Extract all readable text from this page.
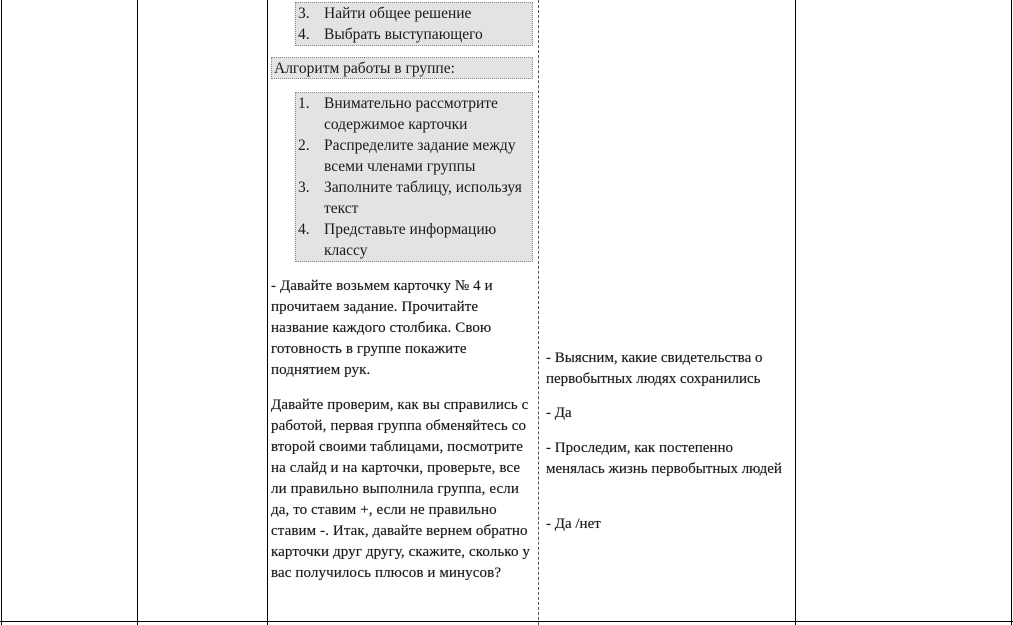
3. Найти общее решение
4. Выбрать выступающего
Алгоритм работы в группе:
1. Внимательно рассмотрите содержимое карточки
2. Распределите задание между всеми членами группы
3. Заполните таблицу, используя текст
4. Представьте информацию классу
- Давайте возьмем карточку № 4 и прочитаем задание. Прочитайте название каждого столбика. Свою готовность в группе покажите поднятием рук.
Давайте проверим, как вы справились с работой, первая группа обменяйтесь со второй своими таблицами, посмотрите на слайд и на карточки, проверьте, все ли правильно выполнила группа, если да, то ставим +, если не правильно ставим -. Итак, давайте вернем обратно карточки друг другу, скажите, сколько у вас получилось плюсов и минусов?
- Выясним, какие свидетельства о первобытных людях сохранились
- Да
- Проследим, как постепенно менялась жизнь первобытных людей
- Да /нет
